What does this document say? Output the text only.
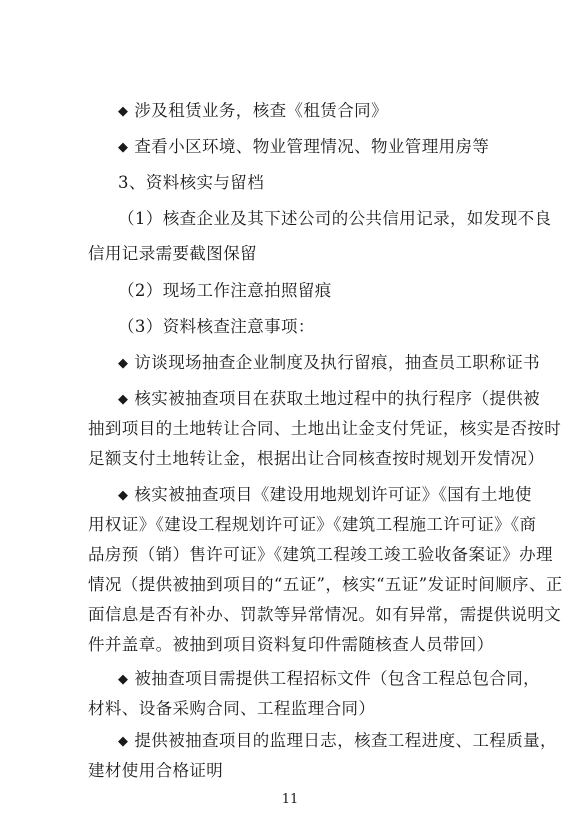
◆ 涉及租赁业务，核查《租赁合同》
◆ 查看小区环境、物业管理情况、物业管理用房等
3、资料核实与留档
（1）核查企业及其下述公司的公共信用记录，如发现不良
信用记录需要截图保留
（2）现场工作注意拍照留痕
（3）资料核查注意事项：
◆ 访谈现场抽查企业制度及执行留痕，抽查员工职称证书
◆ 核实被抽查项目在获取土地过程中的执行程序（提供被
抽到项目的土地转让合同、土地出让金支付凭证，核实是否按时
足额支付土地转让金，根据出让合同核查按时规划开发情况）
◆ 核实被抽查项目《建设用地规划许可证》《国有土地使
用权证》《建设工程规划许可证》《建筑工程施工许可证》《商
品房预（销）售许可证》《建筑工程竣工竣工验收备案证》办理
情况（提供被抽到项目的“五证”，核实“五证”发证时间顺序、正
面信息是否有补办、罚款等异常情况。如有异常，需提供说明文
件并盖章。被抽到项目资料复印件需随核查人员带回）
◆ 被抽查项目需提供工程招标文件（包含工程总包合同，
材料、设备采购合同、工程监理合同）
11
◆ 提供被抽查项目的监理日志，核查工程进度、工程质量，
建材使用合格证明
